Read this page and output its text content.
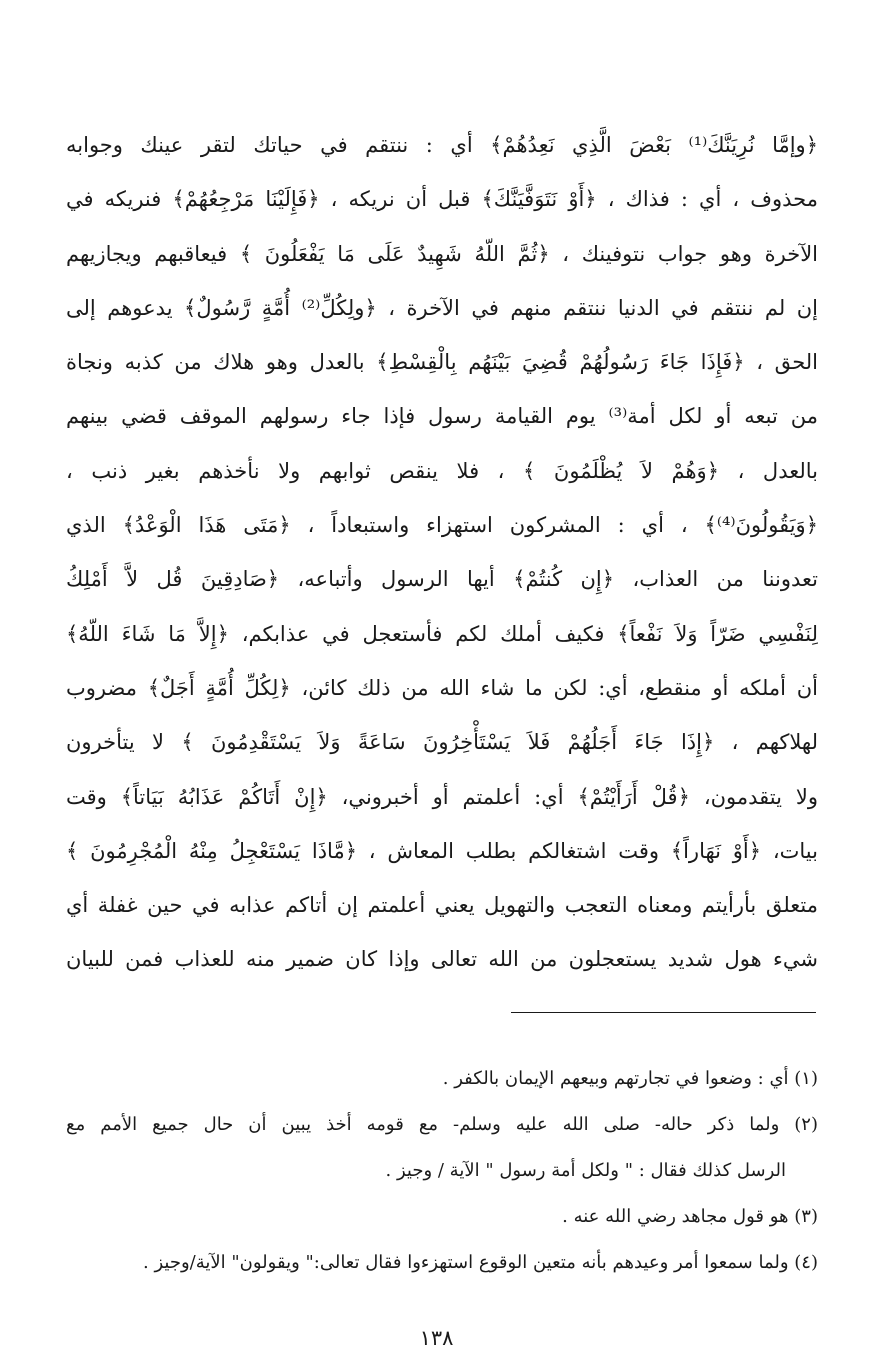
﴿وإمَّا نُرِيَنَّكَ⁽¹⁾ بَعْضَ الَّذِي نَعِدُهُمْ﴾ أي : ننتقم في حياتك لتقر عينك وجوابه
محذوف ، أي : فذاك ، ﴿أَوْ نَتَوَفَّيَنَّكَ﴾ قبل أن نريكه ، ﴿فَإِلَيْنَا مَرْجِعُهُمْ﴾ فنريكه في
الآخرة وهو جواب نتوفينك ، ﴿ثُمَّ اللّهُ شَهِيدٌ عَلَى مَا يَفْعَلُونَ ﴾ فيعاقبهم ويجازيهم
إن لم ننتقم في الدنيا ننتقم منهم في الآخرة ، ﴿ولِكُلِّ⁽²⁾ أُمَّةٍ رَّسُولٌ﴾ يدعوهم إلى
الحق ، ﴿فَإِذَا جَاءَ رَسُولُهُمْ قُضِيَ بَيْنَهُم بِالْقِسْطِ﴾ بالعدل وهو هلاك من كذبه ونجاة
من تبعه أو لكل أمة⁽³⁾ يوم القيامة رسول فإذا جاء رسولهم الموقف قضي بينهم
بالعدل ، ﴿وَهُمْ لاَ يُظْلَمُونَ ﴾ ، فلا ينقص ثوابهم ولا نأخذهم بغير ذنب ،
﴿وَيَقُولُونَ⁽⁴⁾﴾ ، أي : المشركون استهزاء واستبعاداً ، ﴿مَتَى هَذَا الْوَعْدُ﴾ الذي
تعدوننا من العذاب، ﴿إِن كُنتُمْ﴾ أيها الرسول وأتباعه، ﴿صَادِقِينَ قُل لاَّ أَمْلِكُ
لِنَفْسِي ضَرّاً وَلاَ نَفْعاً﴾ فكيف أملك لكم فأستعجل في عذابكم، ﴿إِلاَّ مَا شَاءَ اللّهُ﴾
أن أملكه أو منقطع، أي: لكن ما شاء الله من ذلك كائن، ﴿لِكُلِّ أُمَّةٍ أَجَلٌ﴾ مضروب
لهلاكهم ، ﴿إِذَا جَاءَ أَجَلُهُمْ فَلاَ يَسْتَأْخِرُونَ سَاعَةً وَلاَ يَسْتَقْدِمُونَ ﴾ لا يتأخرون
ولا يتقدمون، ﴿قُلْ أَرَأَيْتُمْ﴾ أي: أعلمتم أو أخبروني، ﴿إِنْ أَتَاكُمْ عَذَابُهُ بَيَاتاً﴾ وقت
بيات، ﴿أَوْ نَهَاراً﴾ وقت اشتغالكم بطلب المعاش ، ﴿مَّاذَا يَسْتَعْجِلُ مِنْهُ الْمُجْرِمُونَ ﴾
متعلق بأرأيتم ومعناه التعجب والتهويل يعني أعلمتم إن أتاكم عذابه في حين غفلة أي
شيء هول شديد يستعجلون من الله تعالى وإذا كان ضمير منه للعذاب فمن للبيان
(١) أي : وضعوا في تجارتهم وبيعهم الإيمان بالكفر .
(٢) ولما ذكر حاله- صلى الله عليه وسلم- مع قومه أخذ يبين أن حال جميع الأمم مع
الرسل كذلك فقال : " ولكل أمة رسول " الآية / وجيز .
(٣) هو قول مجاهد رضي الله عنه .
(٤) ولما سمعوا أمر وعيدهم بأنه متعين الوقوع استهزءوا فقال تعالى:" ويقولون" الآية/وجيز .
١٣٨
